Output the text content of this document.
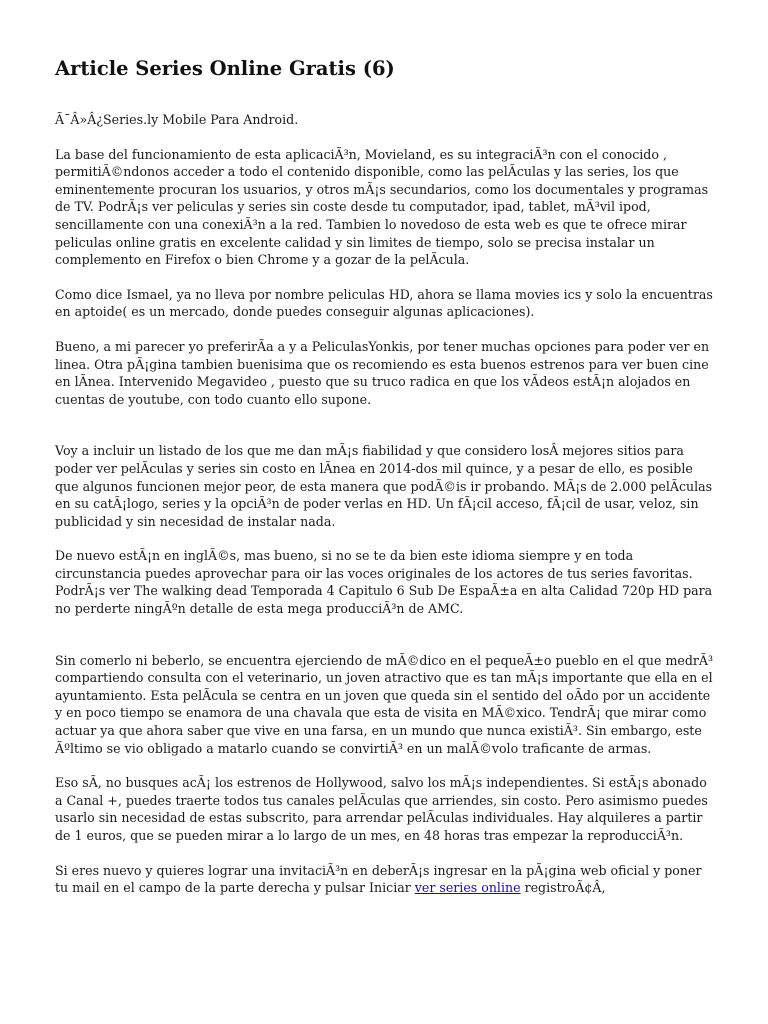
Article Series Online Gratis (6)

Ã¯Â»Â¿Series.ly Mobile Para Android.

La base del funcionamiento de esta aplicaciÃ³n, Movieland, es su integraciÃ³n con el conocido , permitiÃ©ndonos acceder a todo el contenido disponible, como las pelÃculas y las series, los que eminentemente procuran los usuarios, y otros mÃ¡s secundarios, como los documentales y programas de TV. PodrÃ¡s ver peliculas y series sin coste desde tu computador, ipad, tablet, mÃ³vil ipod, sencillamente con una conexiÃ³n a la red. Tambien lo novedoso de esta web es que te ofrece mirar peliculas online gratis en excelente calidad y sin limites de tiempo, solo se precisa instalar un complemento en Firefox o bien Chrome y a gozar de la pelÃcula.

Como dice Ismael, ya no lleva por nombre peliculas HD, ahora se llama movies ics y solo la encuentras en aptoide( es un mercado, donde puedes conseguir algunas aplicaciones).

Bueno, a mi parecer yo preferirÃa a y a PeliculasYonkis, por tener muchas opciones para poder ver en linea. Otra pÃ¡gina tambien buenisima que os recomiendo es esta buenos estrenos para ver buen cine en lÃnea. Intervenido Megavideo , puesto que su truco radica en que los vÃdeos estÃ¡n alojados en cuentas de youtube, con todo cuanto ello supone.

Voy a incluir un listado de los que me dan mÃ¡s fiabilidad y que considero losÂ mejores sitios para poder ver pelÃculas y series sin costo en lÃnea en 2014-dos mil quince, y a pesar de ello, es posible que algunos funcionen mejor peor, de esta manera que podÃ©is ir probando. MÃ¡s de 2.000 pelÃculas en su catÃ¡logo, series y la opciÃ³n de poder verlas en HD. Un fÃ¡cil acceso, fÃ¡cil de usar, veloz, sin publicidad y sin necesidad de instalar nada.

De nuevo estÃ¡n en inglÃ©s, mas bueno, si no se te da bien este idioma siempre y en toda circunstancia puedes aprovechar para oir las voces originales de los actores de tus series favoritas. PodrÃ¡s ver The walking dead Temporada 4 Capitulo 6 Sub De EspaÃ±a en alta Calidad 720p HD para no perderte ningÃºn detalle de esta mega producciÃ³n de AMC.

Sin comerlo ni beberlo, se encuentra ejerciendo de mÃ©dico en el pequeÃ±o pueblo en el que medrÃ³ compartiendo consulta con el veterinario, un joven atractivo que es tan mÃ¡s importante que ella en el ayuntamiento. Esta pelÃcula se centra en un joven que queda sin el sentido del oÃdo por un accidente y en poco tiempo se enamora de una chavala que esta de visita en MÃ©xico. TendrÃ¡ que mirar como actuar ya que ahora saber que vive en una farsa, en un mundo que nunca existiÃ³. Sin embargo, este Ãºltimo se vio obligado a matarlo cuando se convirtiÃ³ en un malÃ©volo traficante de armas.

Eso sÃ, no busques acÃ¡ los estrenos de Hollywood, salvo los mÃ¡s independientes. Si estÃ¡s abonado a Canal +, puedes traerte todos tus canales pelÃculas que arriendes, sin costo. Pero asimismo puedes usarlo sin necesidad de estas subscrito, para arrendar pelÃculas individuales. Hay alquileres a partir de 1 euros, que se pueden mirar a lo largo de un mes, en 48 horas tras empezar la reproducciÃ³n.

Si eres nuevo y quieres lograr una invitaciÃ³n en deberÃ¡s ingresar en la pÃ¡gina web oficial y poner tu mail en el campo de la parte derecha y pulsar Iniciar ver series online registroÃ¢Â,
